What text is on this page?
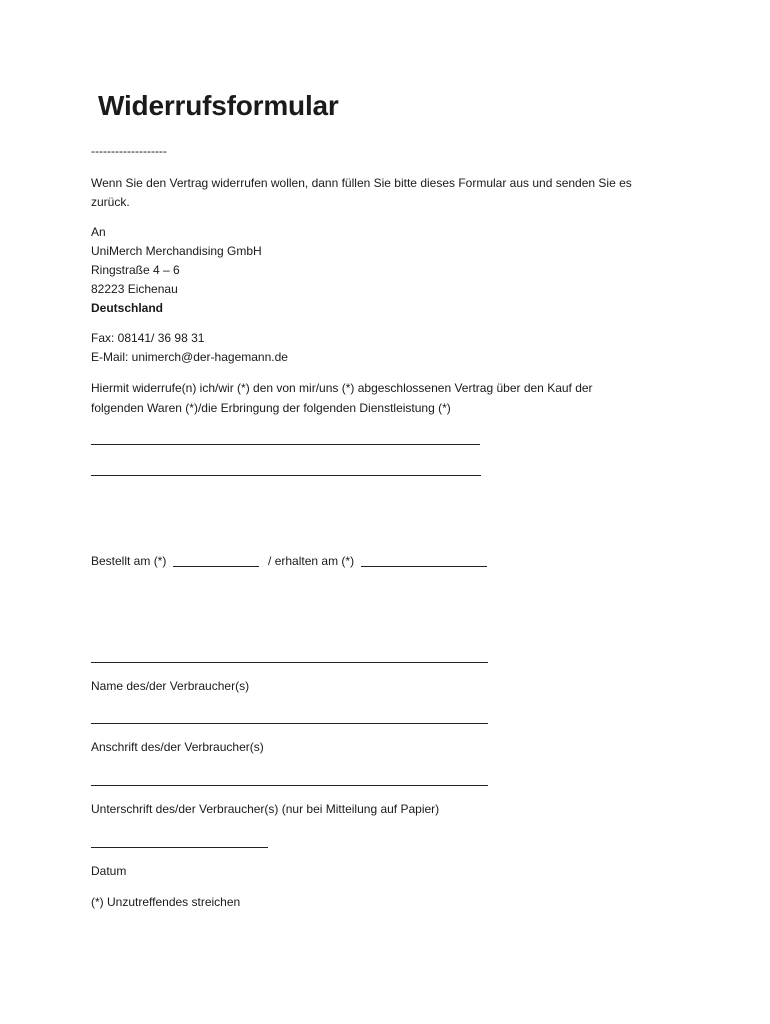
Widerrufsformular
-------------------
Wenn Sie den Vertrag widerrufen wollen, dann füllen Sie bitte dieses Formular aus und senden Sie es
zurück.
An
UniMerch Merchandising GmbH
Ringstraße 4 – 6
82223 Eichenau
Deutschland
Fax: 08141/ 36 98 31
E-Mail: unimerch@der-hagemann.de
Hiermit widerrufe(n) ich/wir (*) den von mir/uns (*) abgeschlossenen Vertrag über den Kauf der
folgenden Waren (*)/die Erbringung der folgenden Dienstleistung (*)
Bestellt am (*)	/ erhalten am (*)
Name des/der Verbraucher(s)
Anschrift des/der Verbraucher(s)
Unterschrift des/der Verbraucher(s) (nur bei Mitteilung auf Papier)
Datum
(*) Unzutreffendes streichen
